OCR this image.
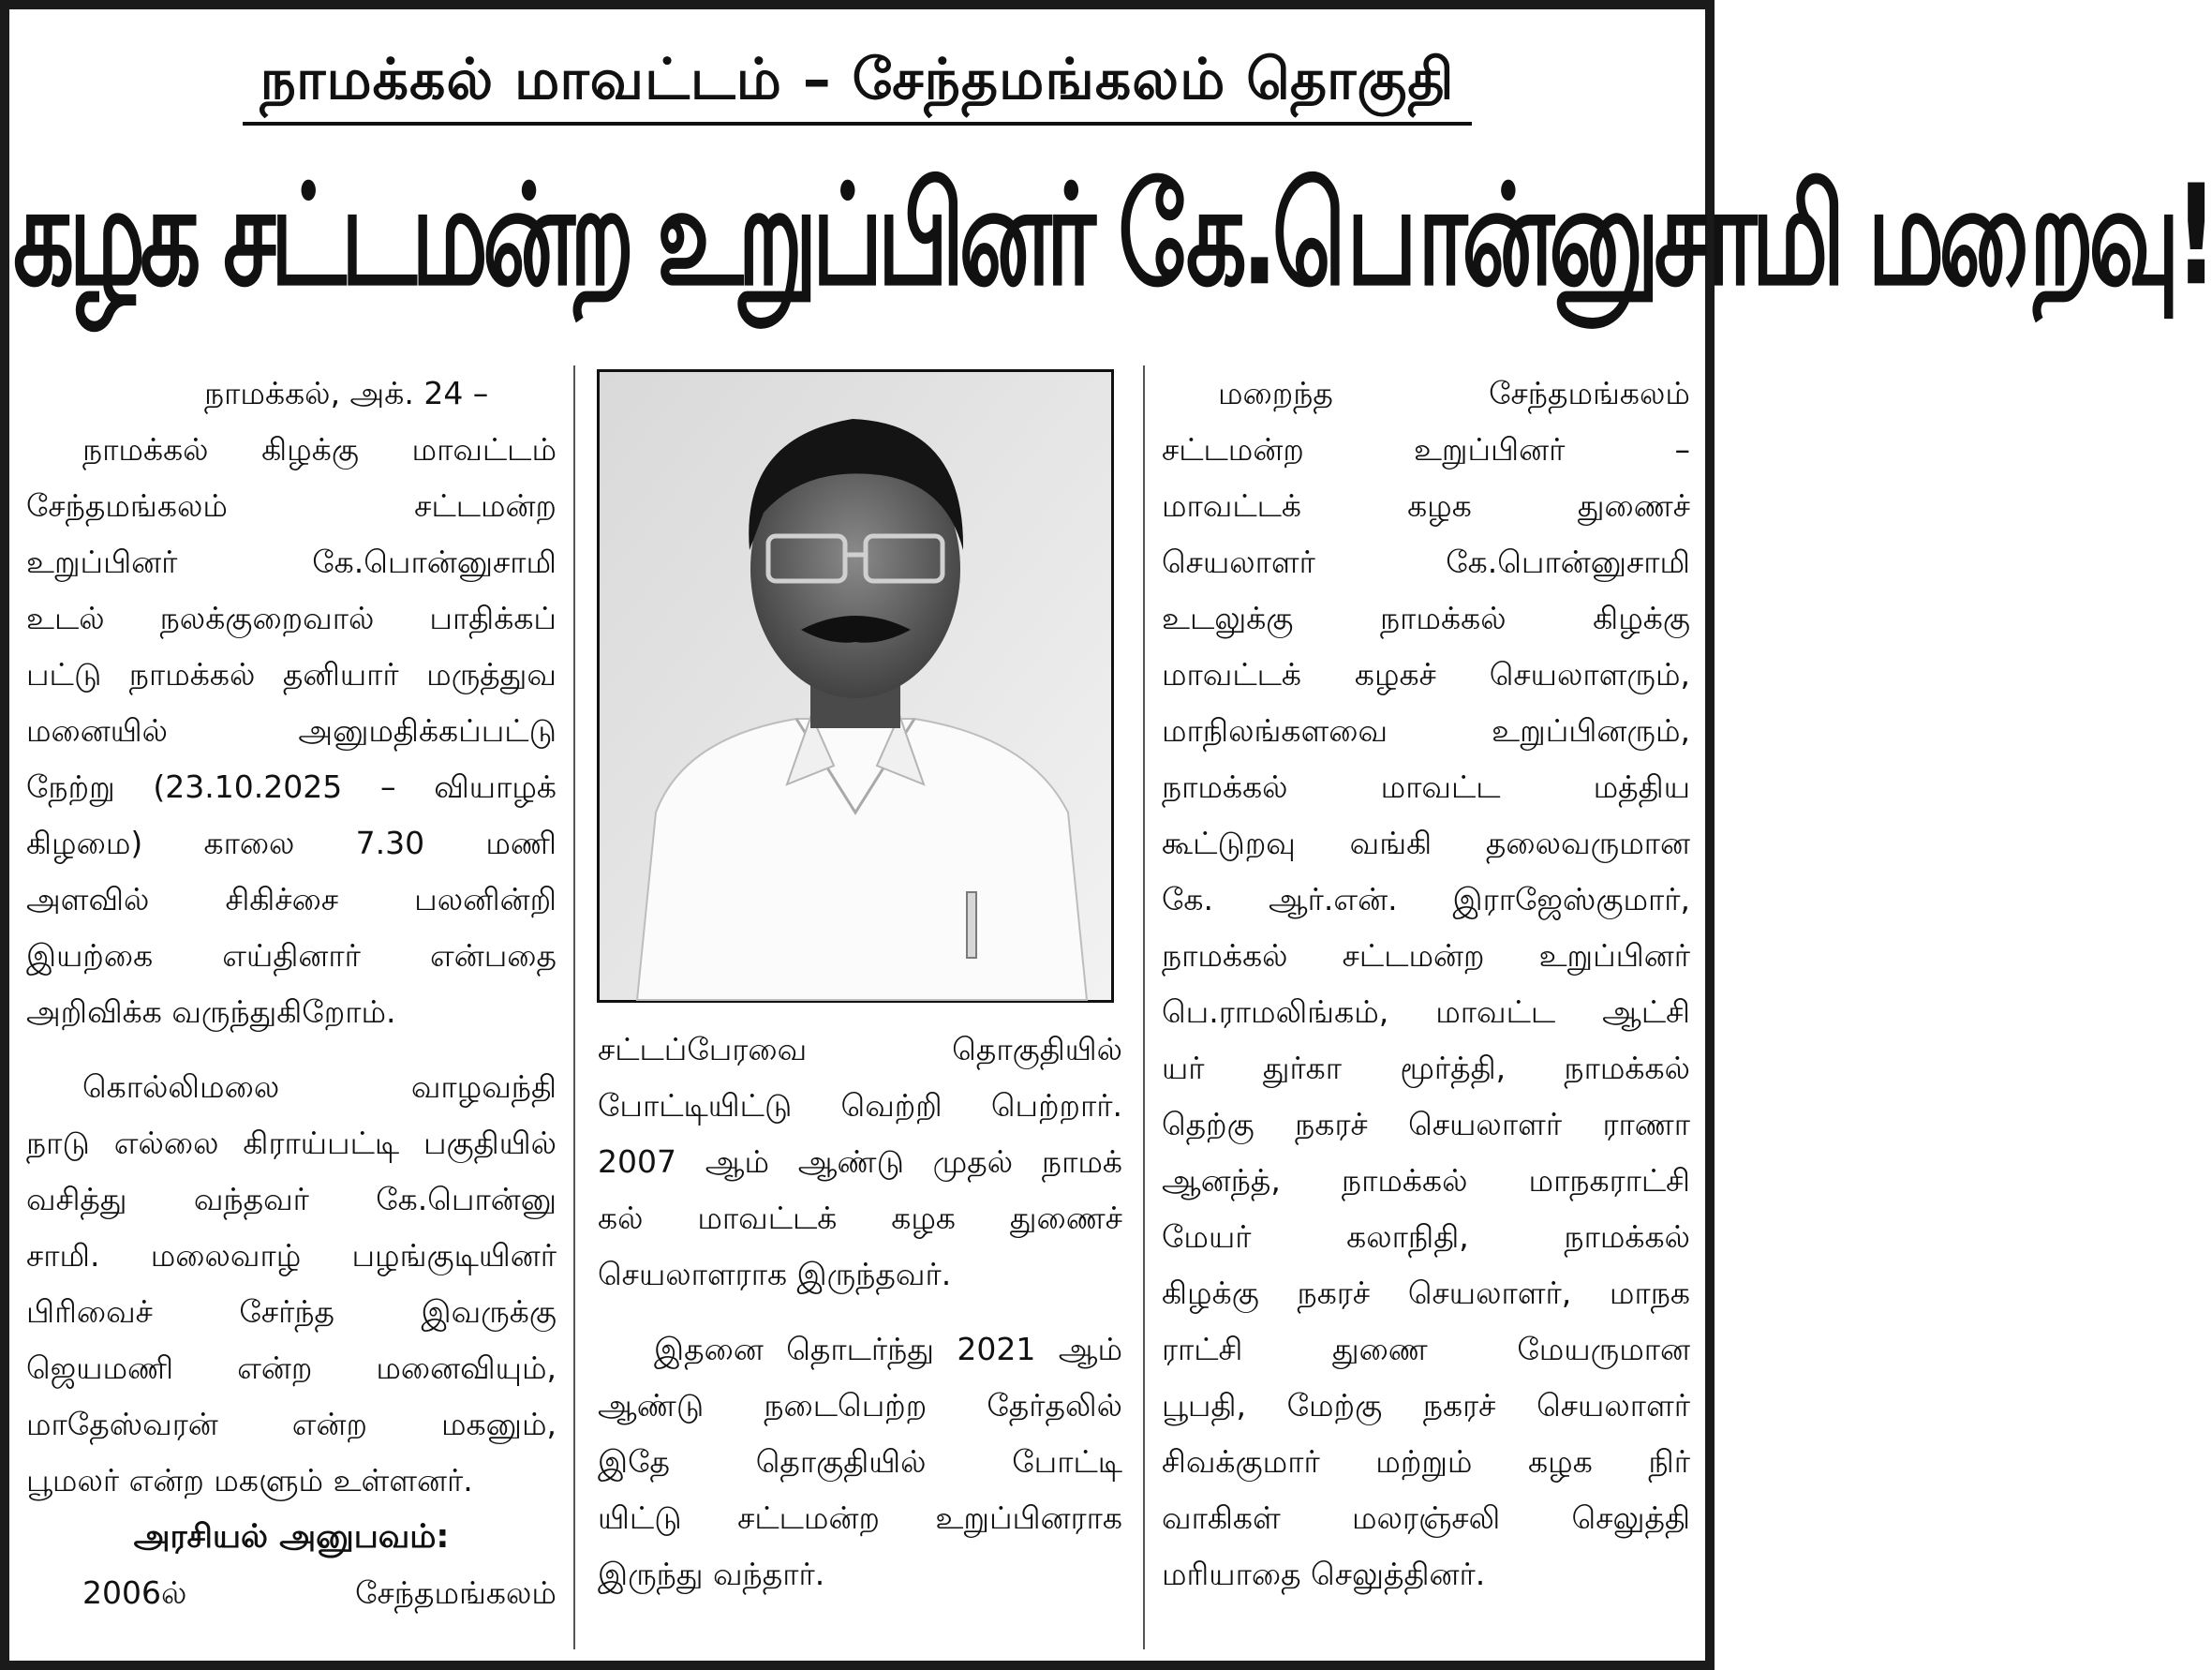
நாமக்கல் மாவட்டம் – சேந்தமங்கலம் தொகுதி
கழக சட்டமன்ற உறுப்பினர் கே.பொன்னுசாமி மறைவு!
நாமக்கல், அக். 24 –
நாமக்கல் கிழக்கு மாவட்டம்
சேந்தமங்கலம் சட்டமன்ற
உறுப்பினர் கே.பொன்னுசாமி
உடல் நலக்குறைவால் பாதிக்கப்
பட்டு நாமக்கல் தனியார் மருத்துவ
மனையில் அனுமதிக்கப்பட்டு
நேற்று (23.10.2025 – வியாழக்
கிழமை) காலை 7.30 மணி
அளவில் சிகிச்சை பலனின்றி
இயற்கை எய்தினார் என்பதை
அறிவிக்க வருந்துகிறோம்.
கொல்லிமலை வாழவந்தி
நாடு எல்லை கிராய்பட்டி பகுதியில்
வசித்து வந்தவர் கே.பொன்னு
சாமி. மலைவாழ் பழங்குடியினர்
பிரிவைச் சேர்ந்த இவருக்கு
ஜெயமணி என்ற மனைவியும்,
மாதேஸ்வரன் என்ற மகனும்,
பூமலர் என்ற மகளும் உள்ளனர்.
அரசியல் அனுபவம்:
2006ல் சேந்தமங்கலம்
சட்டப்பேரவை தொகுதியில்
போட்டியிட்டு வெற்றி பெற்றார்.
2007 ஆம் ஆண்டு முதல் நாமக்
கல் மாவட்டக் கழக துணைச்
செயலாளராக இருந்தவர்.
இதனை தொடர்ந்து 2021 ஆம்
ஆண்டு நடைபெற்ற தேர்தலில்
இதே தொகுதியில் போட்டி
யிட்டு சட்டமன்ற உறுப்பினராக
இருந்து வந்தார்.
மறைந்த சேந்தமங்கலம்
சட்டமன்ற உறுப்பினர் –
மாவட்டக் கழக துணைச்
செயலாளர் கே.பொன்னுசாமி
உடலுக்கு நாமக்கல் கிழக்கு
மாவட்டக் கழகச் செயலாளரும்,
மாநிலங்களவை உறுப்பினரும்,
நாமக்கல் மாவட்ட மத்திய
கூட்டுறவு வங்கி தலைவருமான
கே. ஆர்.என். இராஜேஸ்குமார்,
நாமக்கல் சட்டமன்ற உறுப்பினர்
பெ.ராமலிங்கம், மாவட்ட ஆட்சி
யர் துர்கா மூர்த்தி, நாமக்கல்
தெற்கு நகரச் செயலாளர் ராணா
ஆனந்த், நாமக்கல் மாநகராட்சி
மேயர் கலாநிதி, நாமக்கல்
கிழக்கு நகரச் செயலாளர், மாநக
ராட்சி துணை மேயருமான
பூபதி, மேற்கு நகரச் செயலாளர்
சிவக்குமார் மற்றும் கழக நிர்
வாகிகள் மலரஞ்சலி செலுத்தி
மரியாதை செலுத்தினர்.
